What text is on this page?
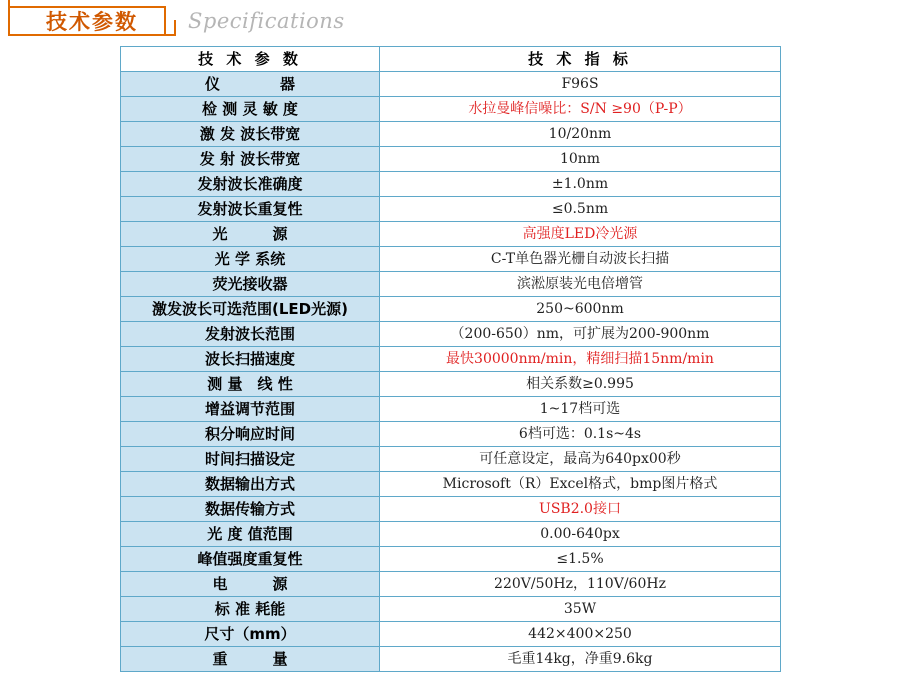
技术参数 Specifications
技 术 参 数	技 术 指 标
仪　　　　器	F96S
检 测 灵 敏 度	水拉曼峰信噪比：S/N ≥90（P-P）
激 发 波长带宽	10/20nm
发 射 波长带宽	10nm
发射波长准确度	±1.0nm
发射波长重复性	≤0.5nm
光　　　源	高强度LED冷光源
光 学 系统	C-T单色器光栅自动波长扫描
荧光接收器	滨淞原装光电倍增管
激发波长可选范围(LED光源)	250~600nm
发射波长范围	（200-650）nm，可扩展为200-900nm
波长扫描速度	最快30000nm/min，精细扫描15nm/min
测 量　线 性	相关系数≥0.995
增益调节范围	1~17档可选
积分响应时间	6档可选：0.1s~4s
时间扫描设定	可任意设定，最高为640px00秒
数据输出方式	Microsoft（R）Excel格式，bmp图片格式
数据传输方式	USB2.0接口
光 度 值范围	0.00-640px
峰值强度重复性	≤1.5%
电　　　源	220V/50Hz，110V/60Hz
标 准 耗能	35W
尺寸（mm）	442×400×250
重　　　量	毛重14kg，净重9.6kg
